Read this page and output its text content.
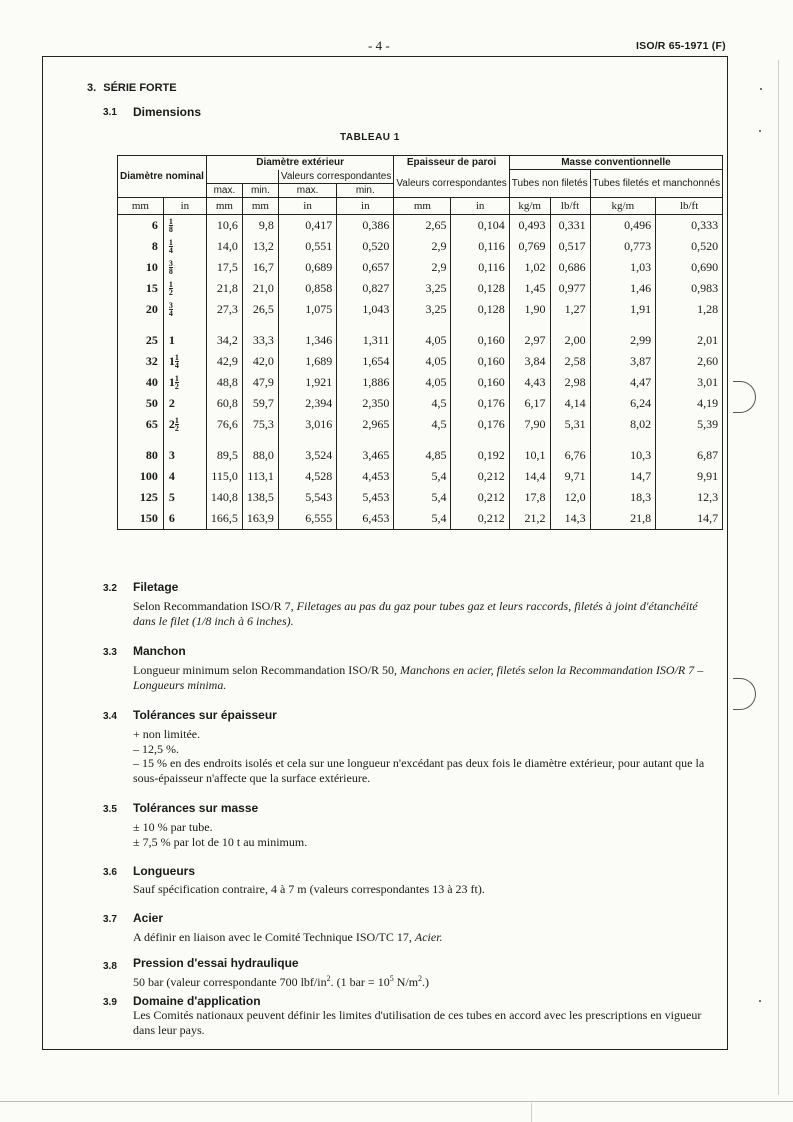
- 4 -	ISO/R 65-1971 (F)
3. SÉRIE FORTE
3.1 Dimensions
TABLEAU 1
Diamètre nominal		Diamètre extérieur				Epaisseur de paroi		Masse conventionnelle			
				Valeurs correspondantes		Valeurs correspondantes		Tubes non filetés		Tubes filetés et manchonnés	
		max.	min.	max.	min.						
mm	in	mm	mm	in	in	mm	in	kg/m	lb/ft	kg/m	lb/ft
6	$\frac{1}{8}$	10,6	9,8	0,417	0,386	2,65	0,104	0,493	0,331	0,496	0,333
8	$\frac{1}{4}$	14,0	13,2	0,551	0,520	2,9	0,116	0,769	0,517	0,773	0,520
10	$\frac{3}{8}$	17,5	16,7	0,689	0,657	2,9	0,116	1,02	0,686	1,03	0,690
15	$\frac{1}{2}$	21,8	21,0	0,858	0,827	3,25	0,128	1,45	0,977	1,46	0,983
20	$\frac{3}{4}$	27,3	26,5	1,075	1,043	3,25	0,128	1,90	1,27	1,91	1,28

25	1	34,2	33,3	1,346	1,311	4,05	0,160	2,97	2,00	2,99	2,01
32	$1 \frac{1}{4}$	42,9	42,0	1,689	1,654	4,05	0,160	3,84	2,58	3,87	2,60
40	$1 \frac{1}{2}$	48,8	47,9	1,921	1,886	4,05	0,160	4,43	2,98	4,47	3,01
50	2	60,8	59,7	2,394	2,350	4,5	0,176	6,17	4,14	6,24	4,19
65	$2 \frac{1}{2}$	76,6	75,3	3,016	2,965	4,5	0,176	7,90	5,31	8,02	5,39

80	3	89,5	88,0	3,524	3,465	4,85	0,192	10,1	6,76	10,3	6,87
100	4	115,0	113,1	4,528	4,453	5,4	0,212	14,4	9,71	14,7	9,91
125	5	140,8	138,5	5,543	5,453	5,4	0,212	17,8	12,0	18,3	12,3
150	6	166,5	163,9	6,555	6,453	5,4	0,212	21,2	14,3	21,8	14,7
3.2 Filetage
Selon Recommandation ISO/R 7, Filetages au pas du gaz pour tubes gaz et leurs raccords, filetés à joint d'étanchéité dans le filet (1/8 inch à 6 inches).
3.3 Manchon
Longueur minimum selon Recommandation ISO/R 50, Manchons en acier, filetés selon la Recommandation ISO/R 7 – Longueurs minima.
3.4 Tolérances sur épaisseur
+ non limitée.
– 12,5 %.
– 15 % en des endroits isolés et cela sur une longueur n'excédant pas deux fois le diamètre extérieur, pour autant que la sous-épaisseur n'affecte que la surface extérieure.
3.5 Tolérances sur masse
± 10 % par tube.
± 7,5 % par lot de 10 t au minimum.
3.6 Longueurs
Sauf spécification contraire, 4 à 7 m (valeurs correspondantes 13 à 23 ft).
3.7 Acier
A définir en liaison avec le Comité Technique ISO/TC 17, Acier.
3.8 Pression d'essai hydraulique
50 bar (valeur correspondante 700 lbf/$in^2$. (1 bar = $10^5$ $N/m^2$.)
3.9 Domaine d'application
Les Comités nationaux peuvent définir les limites d'utilisation de ces tubes en accord avec les prescriptions en vigueur dans leur pays.
